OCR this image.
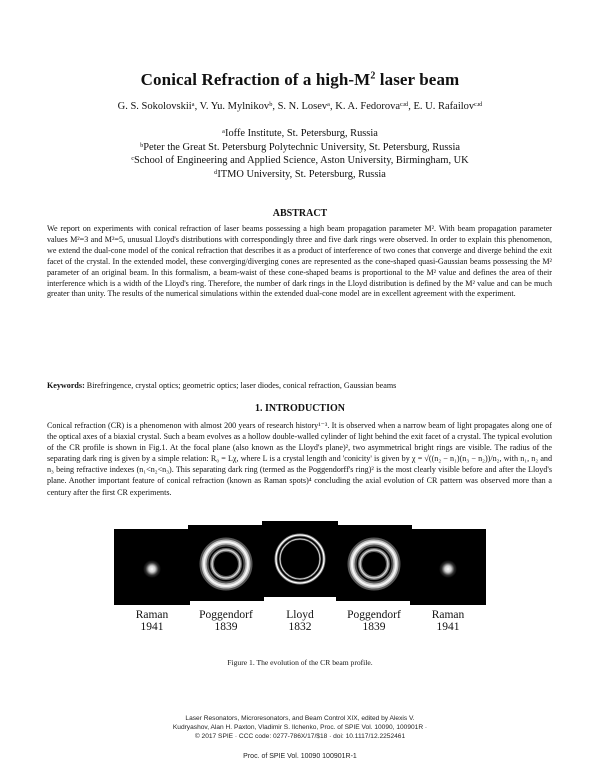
Conical Refraction of a high-$M^2$ laser beam
G. S. Sokolovskiiᵃ, V. Yu. Mylnikovᵇ, S. N. Losevᵃ, K. A. Fedorovaᶜʴᵈ, E. U. Rafailovᶜʴᵈ
ᵃIoffe Institute, St. Petersburg, Russia
ᵇPeter the Great St. Petersburg Polytechnic University, St. Petersburg, Russia
ᶜSchool of Engineering and Applied Science, Aston University, Birmingham, UK
ᵈITMO University, St. Petersburg, Russia
ABSTRACT
We report on experiments with conical refraction of laser beams possessing a high beam propagation parameter M². With beam propagation parameter values M²=3 and M²=5, unusual Lloyd's distributions with correspondingly three and five dark rings were observed. In order to explain this phenomenon, we extend the dual-cone model of the conical refraction that describes it as a product of interference of two cones that converge and diverge behind the exit facet of the crystal. In the extended model, these converging/diverging cones are represented as the cone-shaped quasi-Gaussian beams possessing the M² parameter of an original beam. In this formalism, a beam-waist of these cone-shaped beams is proportional to the M² value and defines the area of their interference which is a width of the Lloyd's ring. Therefore, the number of dark rings in the Lloyd distribution is defined by the M² value and can be much greater than unity. The results of the numerical simulations within the extended dual-cone model are in excellent agreement with the experiment.
Keywords: Birefringence, crystal optics; geometric optics; laser diodes, conical refraction, Gaussian beams
1. INTRODUCTION
Conical refraction (CR) is a phenomenon with almost 200 years of research history¹⁻³. It is observed when a narrow beam of light propagates along one of the optical axes of a biaxial crystal. Such a beam evolves as a hollow double-walled cylinder of light behind the exit facet of a crystal. The typical evolution of the CR profile is shown in Fig.1. At the focal plane (also known as the Lloyd's plane)², two asymmetrical bright rings are visible. The radius of the separating dark ring is given by a simple relation: R₀ = Lχ, where L is a crystal length and 'conicity' is given by χ = √((n₂ − n₁)(n₃ − n₂))/n₂, with n₁, n₂ and n₃ being refractive indexes (n₁<n₂<n₃). This separating dark ring (termed as the Poggendorff's ring)² is the most clearly visible before and after the Lloyd's plane. Another important feature of conical refraction (known as Raman spots)⁴ concluding the axial evolution of CR pattern was observed more than a century after the first CR experiments.
Raman
1941
Poggendorf
1839
Lloyd
1832
Poggendorf
1839
Raman
1941
Figure 1. The evolution of the CR beam profile.
Laser Resonators, Microresonators, and Beam Control XIX, edited by Alexis V.
Kudryashov, Alan H. Paxton, Vladimir S. Ilchenko, Proc. of SPIE Vol. 10090, 100901R ·
© 2017 SPIE · CCC code: 0277-786X/17/$18 · doi: 10.1117/12.2252461
Proc. of SPIE Vol. 10090 100901R-1
